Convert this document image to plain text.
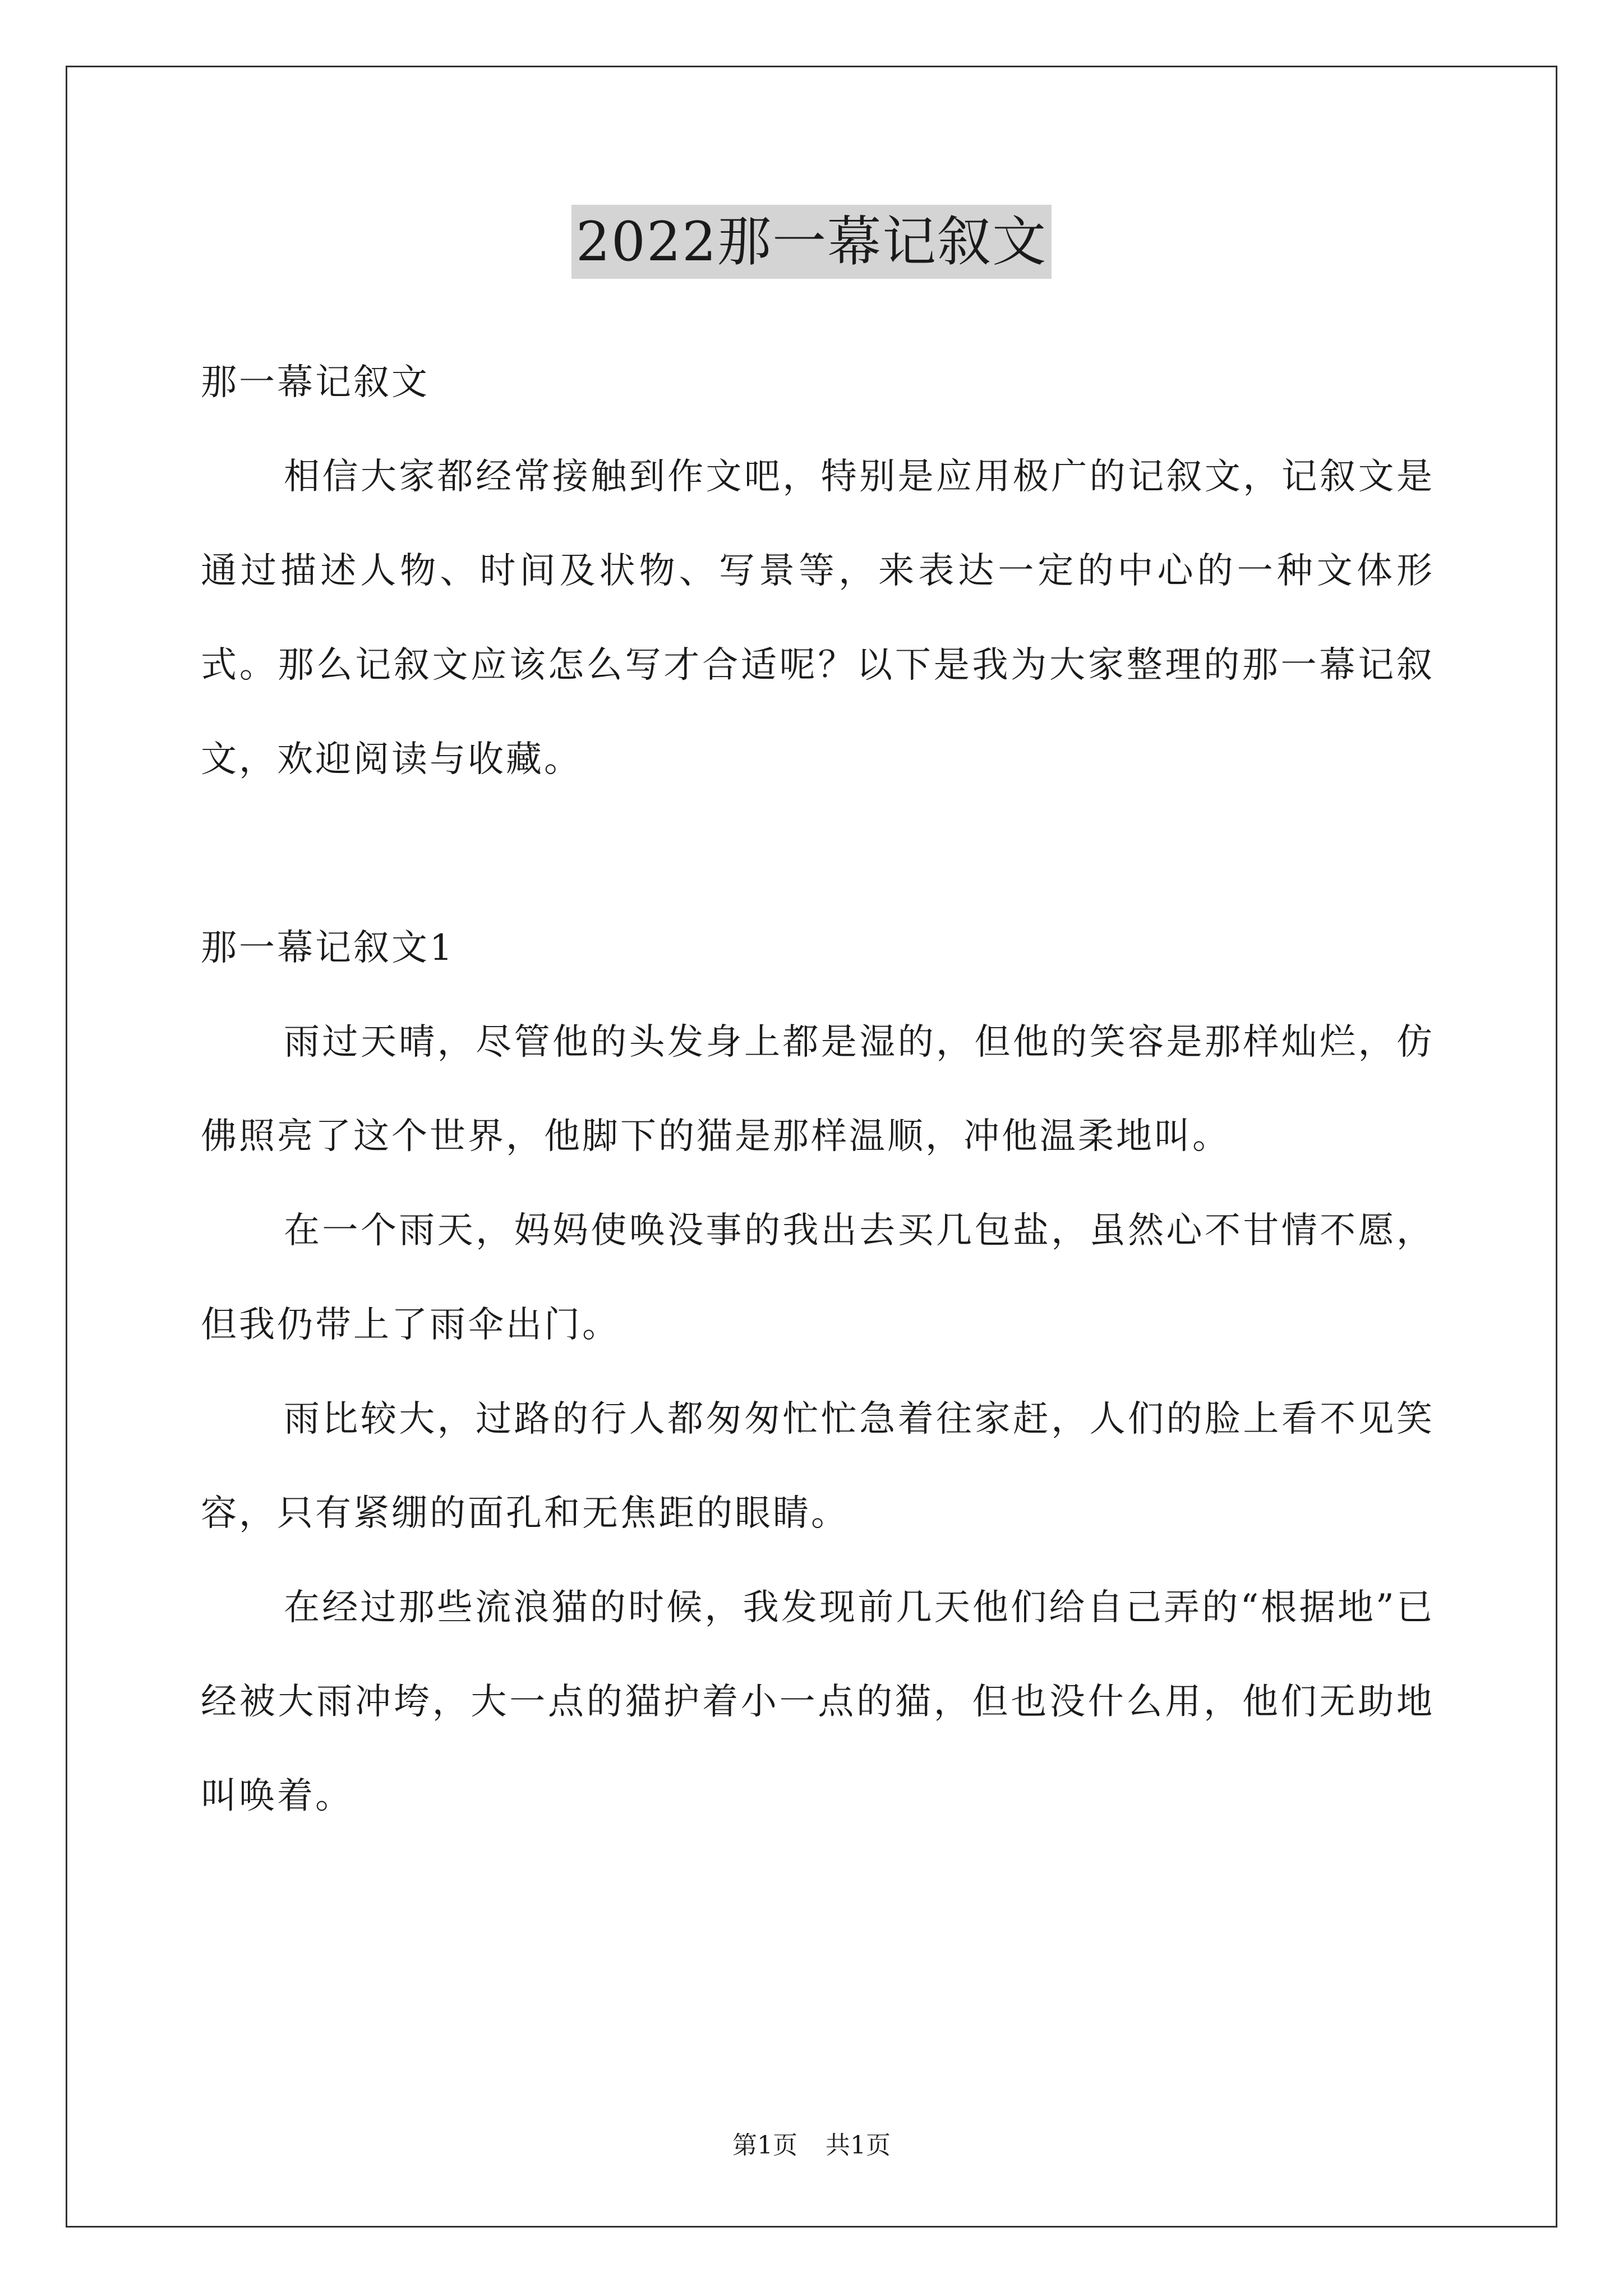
2022那一幕记叙文

那一幕记叙文

相信大家都经常接触到作文吧，特别是应用极广的记叙文，记叙文是通过描述人物、时间及状物、写景等，来表达一定的中心的一种文体形式。那么记叙文应该怎么写才合适呢？以下是我为大家整理的那一幕记叙文，欢迎阅读与收藏。

那一幕记叙文1

雨过天晴，尽管他的头发身上都是湿的，但他的笑容是那样灿烂，仿佛照亮了这个世界，他脚下的猫是那样温顺，冲他温柔地叫。

在一个雨天，妈妈使唤没事的我出去买几包盐，虽然心不甘情不愿，但我仍带上了雨伞出门。

雨比较大，过路的行人都匆匆忙忙急着往家赶，人们的脸上看不见笑容，只有紧绷的面孔和无焦距的眼睛。

在经过那些流浪猫的时候，我发现前几天他们给自己弄的“根据地”已经被大雨冲垮，大一点的猫护着小一点的猫，但也没什么用，他们无助地叫唤着。

第1页 共1页
